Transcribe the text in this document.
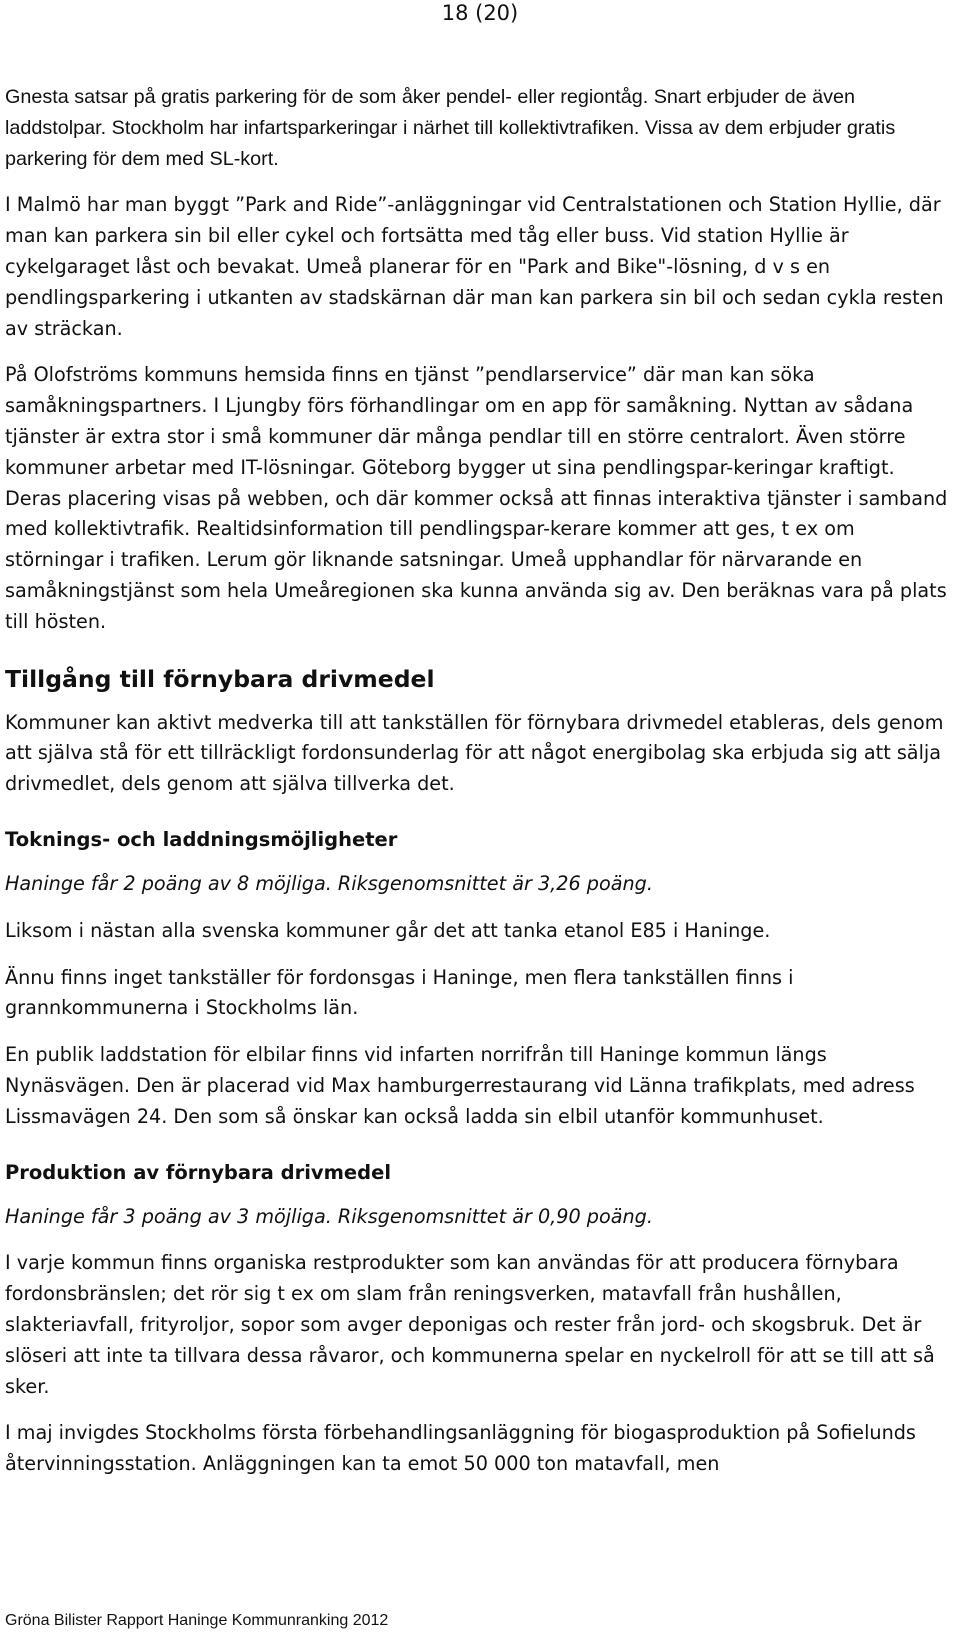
18 (20)

Gnesta satsar på gratis parkering för de som åker pendel- eller regiontåg. Snart erbjuder de även laddstolpar. Stockholm har infartsparkeringar i närhet till kollektivtrafiken. Vissa av dem erbjuder gratis parkering för dem med SL-kort.

I Malmö har man byggt ”Park and Ride”-anläggningar vid Centralstationen och Station Hyllie, där man kan parkera sin bil eller cykel och fortsätta med tåg eller buss. Vid station Hyllie är cykelgaraget låst och bevakat. Umeå planerar för en "Park and Bike"-lösning, d v s en pendlingsparkering i utkanten av stadskärnan där man kan parkera sin bil och sedan cykla resten av sträckan.

På Olofströms kommuns hemsida finns en tjänst ”pendlarservice” där man kan söka samåkningspartners. I Ljungby förs förhandlingar om en app för samåkning. Nyttan av sådana tjänster är extra stor i små kommuner där många pendlar till en större centralort. Även större kommuner arbetar med IT-lösningar. Göteborg bygger ut sina pendlingspar-keringar kraftigt. Deras placering visas på webben, och där kommer också att finnas interaktiva tjänster i samband med kollektivtrafik. Realtidsinformation till pendlingspar-kerare kommer att ges, t ex om störningar i trafiken. Lerum gör liknande satsningar. Umeå upphandlar för närvarande en samåkningstjänst som hela Umeåregionen ska kunna använda sig av. Den beräknas vara på plats till hösten.

Tillgång till förnybara drivmedel

Kommuner kan aktivt medverka till att tankställen för förnybara drivmedel etableras, dels genom att själva stå för ett tillräckligt fordonsunderlag för att något energibolag ska erbjuda sig att sälja drivmedlet, dels genom att själva tillverka det.

Toknings- och laddningsmöjligheter

Haninge får 2 poäng av 8 möjliga. Riksgenomsnittet är 3,26 poäng.

Liksom i nästan alla svenska kommuner går det att tanka etanol E85 i Haninge.

Ännu finns inget tankställer för fordonsgas i Haninge, men flera tankställen finns i grannkommunerna i Stockholms län.

En publik laddstation för elbilar finns vid infarten norrifrån till Haninge kommun längs Nynäsvägen. Den är placerad vid Max hamburgerrestaurang vid Länna trafikplats, med adress Lissmavägen 24. Den som så önskar kan också ladda sin elbil utanför kommunhuset.

Produktion av förnybara drivmedel

Haninge får 3 poäng av 3 möjliga. Riksgenomsnittet är 0,90 poäng.

I varje kommun finns organiska restprodukter som kan användas för att producera förnybara fordonsbränslen; det rör sig t ex om slam från reningsverken, matavfall från hushållen, slakteriavfall, frityroljor, sopor som avger deponigas och rester från jord- och skogsbruk. Det är slöseri att inte ta tillvara dessa råvaror, och kommunerna spelar en nyckelroll för att se till att så sker.

I maj invigdes Stockholms första förbehandlingsanläggning för biogasproduktion på Sofielunds återvinningsstation. Anläggningen kan ta emot 50 000 ton matavfall, men

Gröna Bilister Rapport Haninge Kommunranking 2012
